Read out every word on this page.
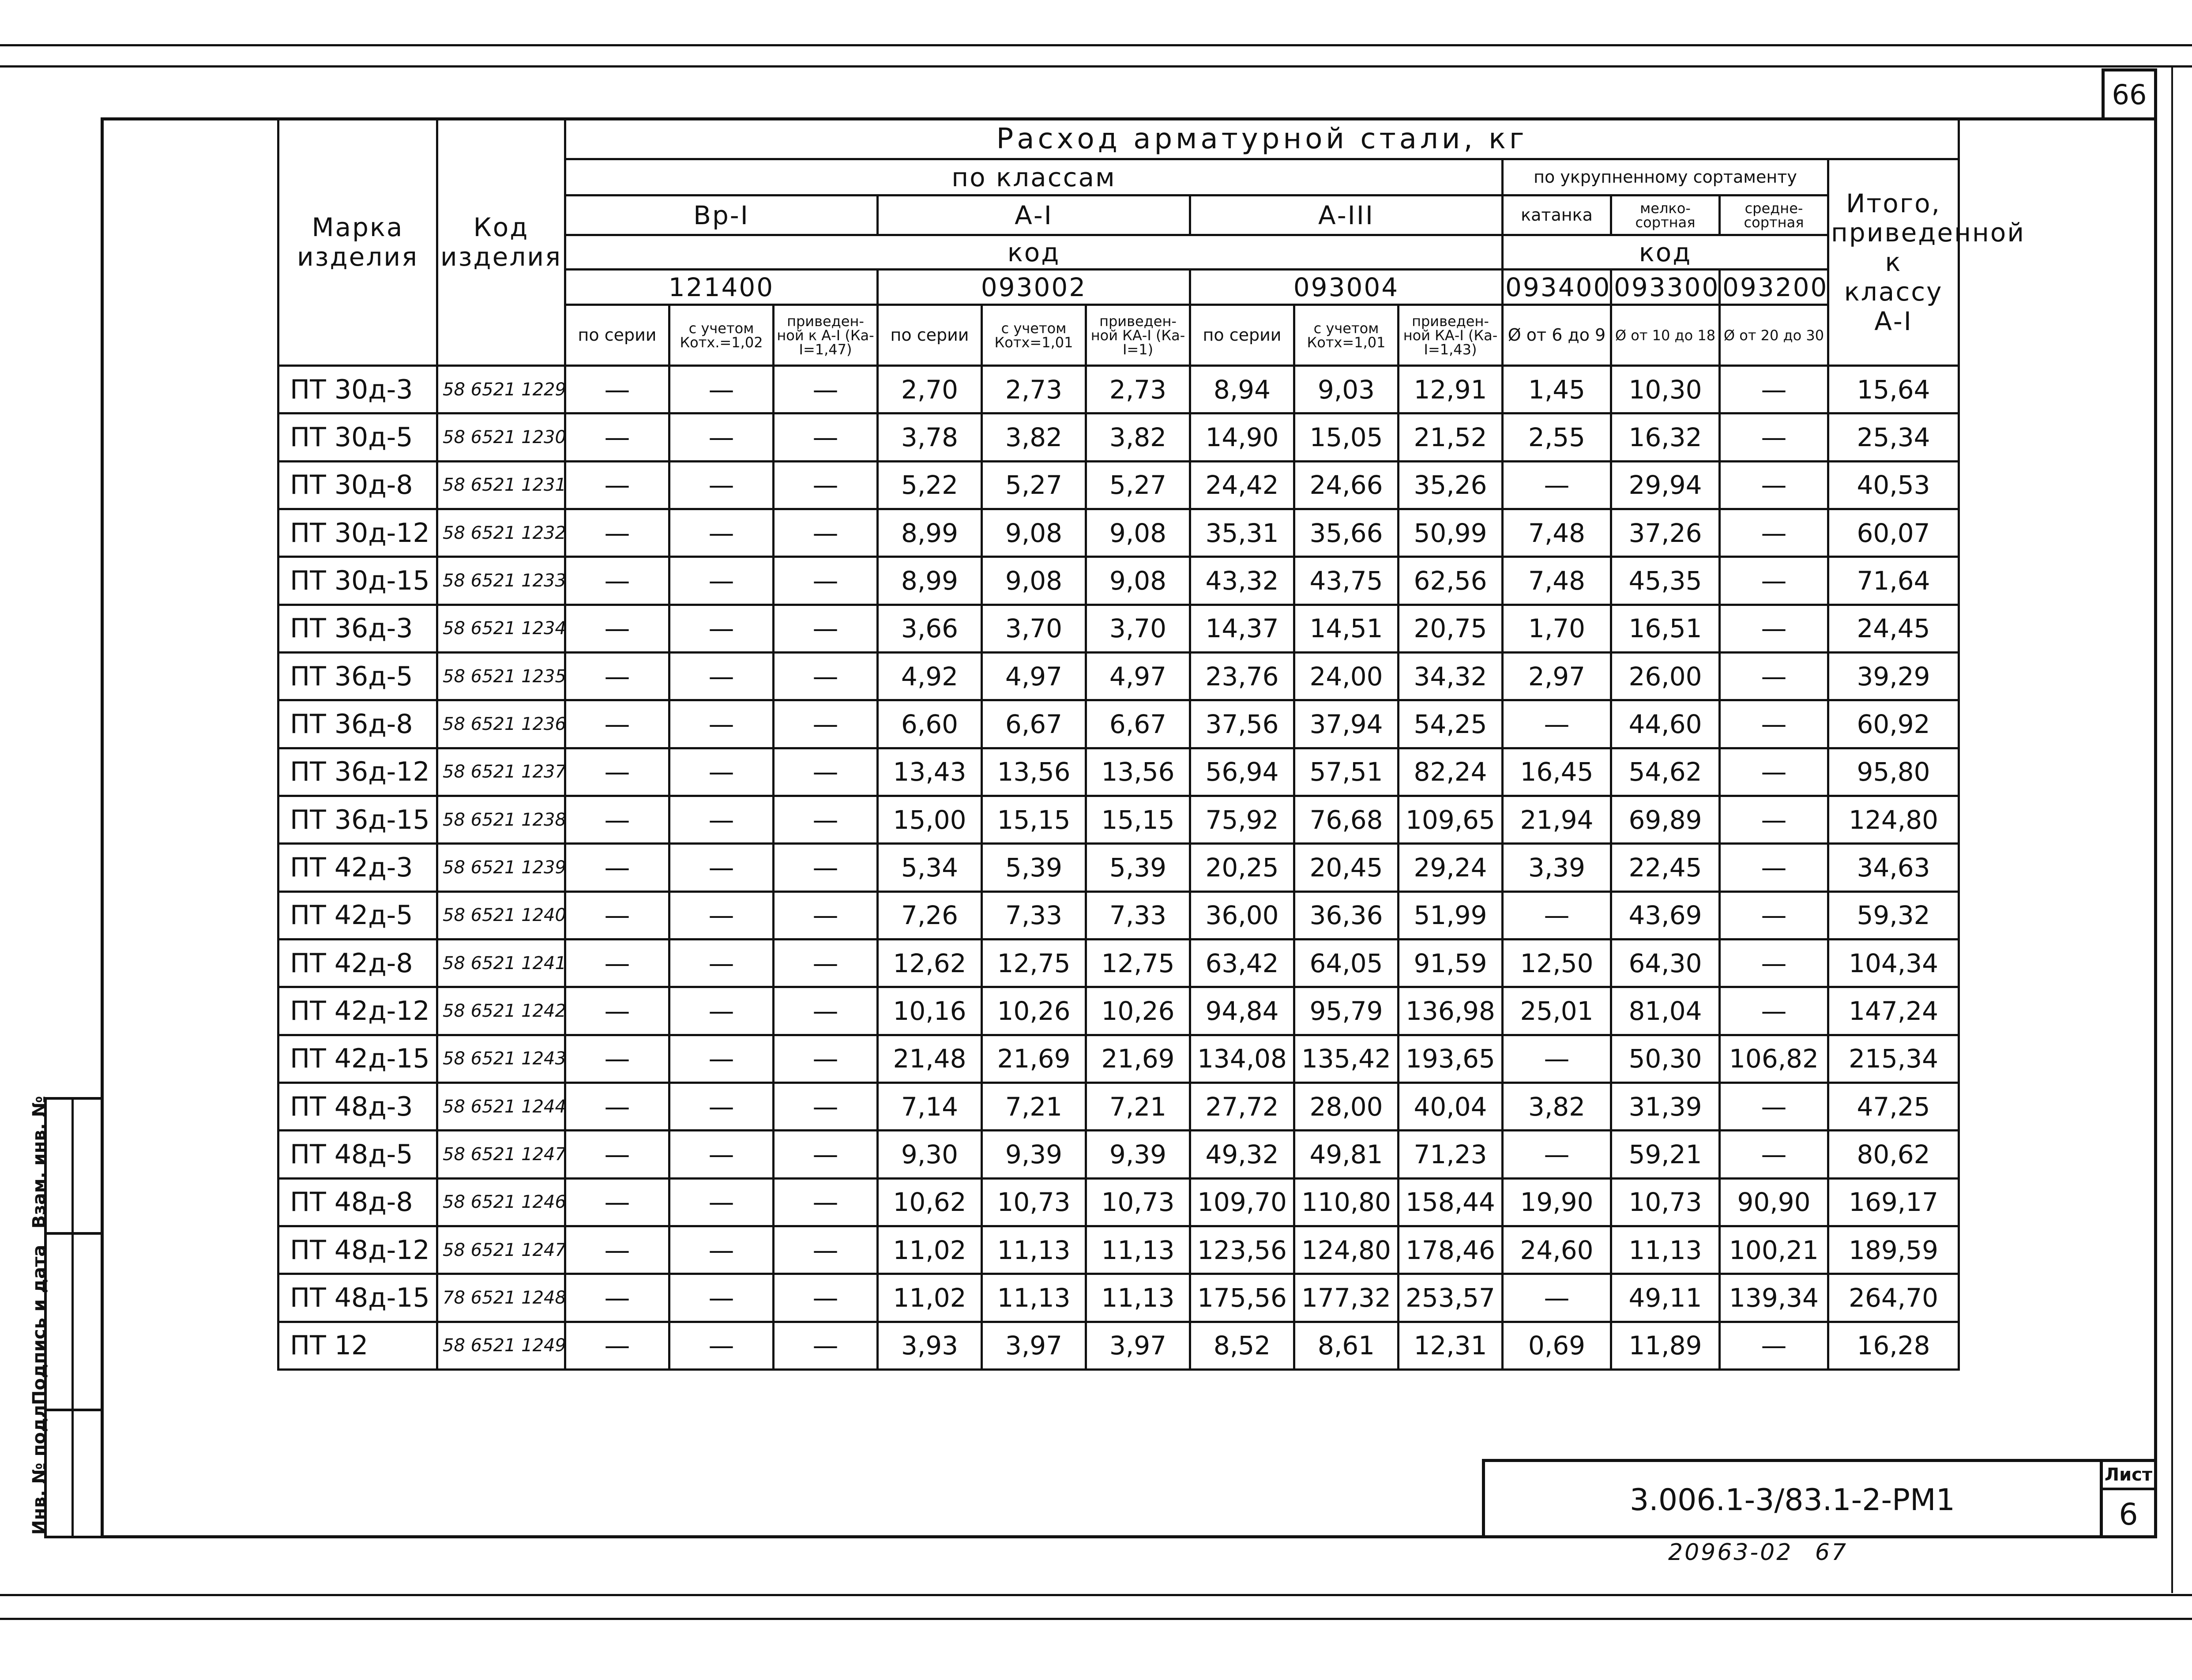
66
Взам. инв. №
Подпись и дата
Инв. № подл.
Марка изделия	Код изделия	Расход арматурной стали, кг												
		по классам									по укрупненному сортаменту			Итого, приведенной к классу А-I
		Вр-I			А-I			А-III			катанка	мелко-сортная	средне-сортная	
		код									код			
		121400			093002			093004			093400	093300	093200	
		по серии	с учетом Котх.=1,02	приведен-ной к А-I (Ка-I=1,47)	по серии	с учетом Котх=1,01	приведен-ной КА-I (Ка-I=1)	по серии	с учетом Котх=1,01	приведен-ной КА-I (Ка-I=1,43)	Ø от 6 до 9	Ø от 10 до 18	Ø от 20 до 30	
ПТ 30д-3	58 6521 1229	—	—	—	2,70	2,73	2,73	8,94	9,03	12,91	1,45	10,30	—	15,64
ПТ 30д-5	58 6521 1230	—	—	—	3,78	3,82	3,82	14,90	15,05	21,52	2,55	16,32	—	25,34
ПТ 30д-8	58 6521 1231	—	—	—	5,22	5,27	5,27	24,42	24,66	35,26	—	29,94	—	40,53
ПТ 30д-12	58 6521 1232	—	—	—	8,99	9,08	9,08	35,31	35,66	50,99	7,48	37,26	—	60,07
ПТ 30д-15	58 6521 1233	—	—	—	8,99	9,08	9,08	43,32	43,75	62,56	7,48	45,35	—	71,64
ПТ 36д-3	58 6521 1234	—	—	—	3,66	3,70	3,70	14,37	14,51	20,75	1,70	16,51	—	24,45
ПТ 36д-5	58 6521 1235	—	—	—	4,92	4,97	4,97	23,76	24,00	34,32	2,97	26,00	—	39,29
ПТ 36д-8	58 6521 1236	—	—	—	6,60	6,67	6,67	37,56	37,94	54,25	—	44,60	—	60,92
ПТ 36д-12	58 6521 1237	—	—	—	13,43	13,56	13,56	56,94	57,51	82,24	16,45	54,62	—	95,80
ПТ 36д-15	58 6521 1238	—	—	—	15,00	15,15	15,15	75,92	76,68	109,65	21,94	69,89	—	124,80
ПТ 42д-3	58 6521 1239	—	—	—	5,34	5,39	5,39	20,25	20,45	29,24	3,39	22,45	—	34,63
ПТ 42д-5	58 6521 1240	—	—	—	7,26	7,33	7,33	36,00	36,36	51,99	—	43,69	—	59,32
ПТ 42д-8	58 6521 1241	—	—	—	12,62	12,75	12,75	63,42	64,05	91,59	12,50	64,30	—	104,34
ПТ 42д-12	58 6521 1242	—	—	—	10,16	10,26	10,26	94,84	95,79	136,98	25,01	81,04	—	147,24
ПТ 42д-15	58 6521 1243	—	—	—	21,48	21,69	21,69	134,08	135,42	193,65	—	50,30	106,82	215,34
ПТ 48д-3	58 6521 1244	—	—	—	7,14	7,21	7,21	27,72	28,00	40,04	3,82	31,39	—	47,25
ПТ 48д-5	58 6521 1247	—	—	—	9,30	9,39	9,39	49,32	49,81	71,23	—	59,21	—	80,62
ПТ 48д-8	58 6521 1246	—	—	—	10,62	10,73	10,73	109,70	110,80	158,44	19,90	10,73	90,90	169,17
ПТ 48д-12	58 6521 1247	—	—	—	11,02	11,13	11,13	123,56	124,80	178,46	24,60	11,13	100,21	189,59
ПТ 48д-15	78 6521 1248	—	—	—	11,02	11,13	11,13	175,56	177,32	253,57	—	49,11	139,34	264,70
ПТ 12	58 6521 1249	—	—	—	3,93	3,97	3,97	8,52	8,61	12,31	0,69	11,89	—	16,28
3.006.1-3/83.1-2-РМ1
Лист
6
20963-02 67
